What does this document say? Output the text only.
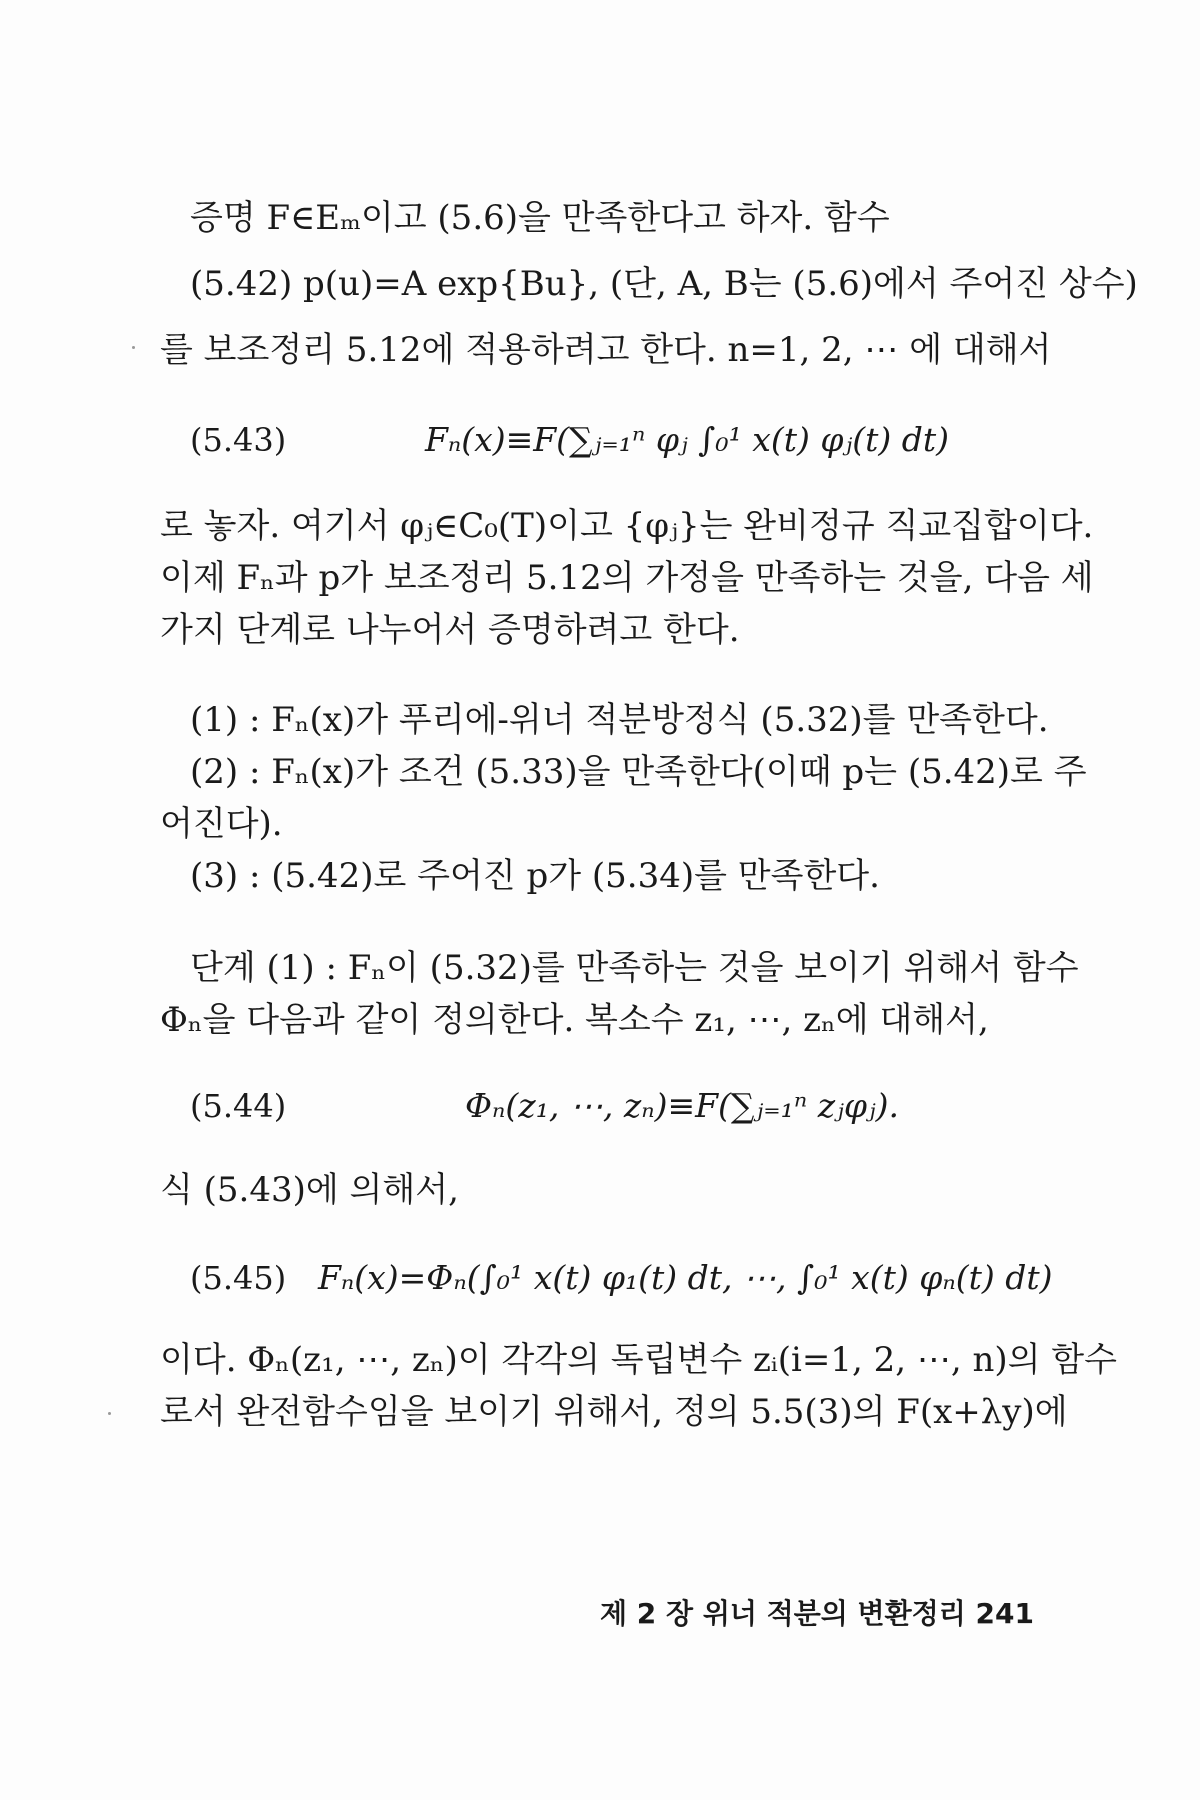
증명 F∈Eₘ이고 (5.6)을 만족한다고 하자. 함수
(5.42) p(u)=A exp{Bu}, (단, A, B는 (5.6)에서 주어진 상수)
를 보조정리 5.12에 적용하려고 한다. n=1, 2, ⋯ 에 대해서
(5.43)	Fₙ(x)≡F(∑ⱼ₌₁ⁿ φⱼ ∫₀¹ x(t) φⱼ(t) dt)
로 놓자. 여기서 φⱼ∈C₀(T)이고 {φⱼ}는 완비정규 직교집합이다.
이제 Fₙ과 p가 보조정리 5.12의 가정을 만족하는 것을, 다음 세
가지 단계로 나누어서 증명하려고 한다.
(1) : Fₙ(x)가 푸리에-위너 적분방정식 (5.32)를 만족한다.
(2) : Fₙ(x)가 조건 (5.33)을 만족한다(이때 p는 (5.42)로 주
어진다).
(3) : (5.42)로 주어진 p가 (5.34)를 만족한다.
단계 (1) : Fₙ이 (5.32)를 만족하는 것을 보이기 위해서 함수
Φₙ을 다음과 같이 정의한다. 복소수 z₁, ⋯, zₙ에 대해서,
(5.44)	Φₙ(z₁, ⋯, zₙ)≡F(∑ⱼ₌₁ⁿ zⱼφⱼ).
식 (5.43)에 의해서,
(5.45) Fₙ(x)=Φₙ(∫₀¹ x(t) φ₁(t) dt, ⋯, ∫₀¹ x(t) φₙ(t) dt)
이다. Φₙ(z₁, ⋯, zₙ)이 각각의 독립변수 zᵢ(i=1, 2, ⋯, n)의 함수
로서 완전함수임을 보이기 위해서, 정의 5.5(3)의 F(x+λy)에
제 2 장 위너 적분의 변환정리 241
